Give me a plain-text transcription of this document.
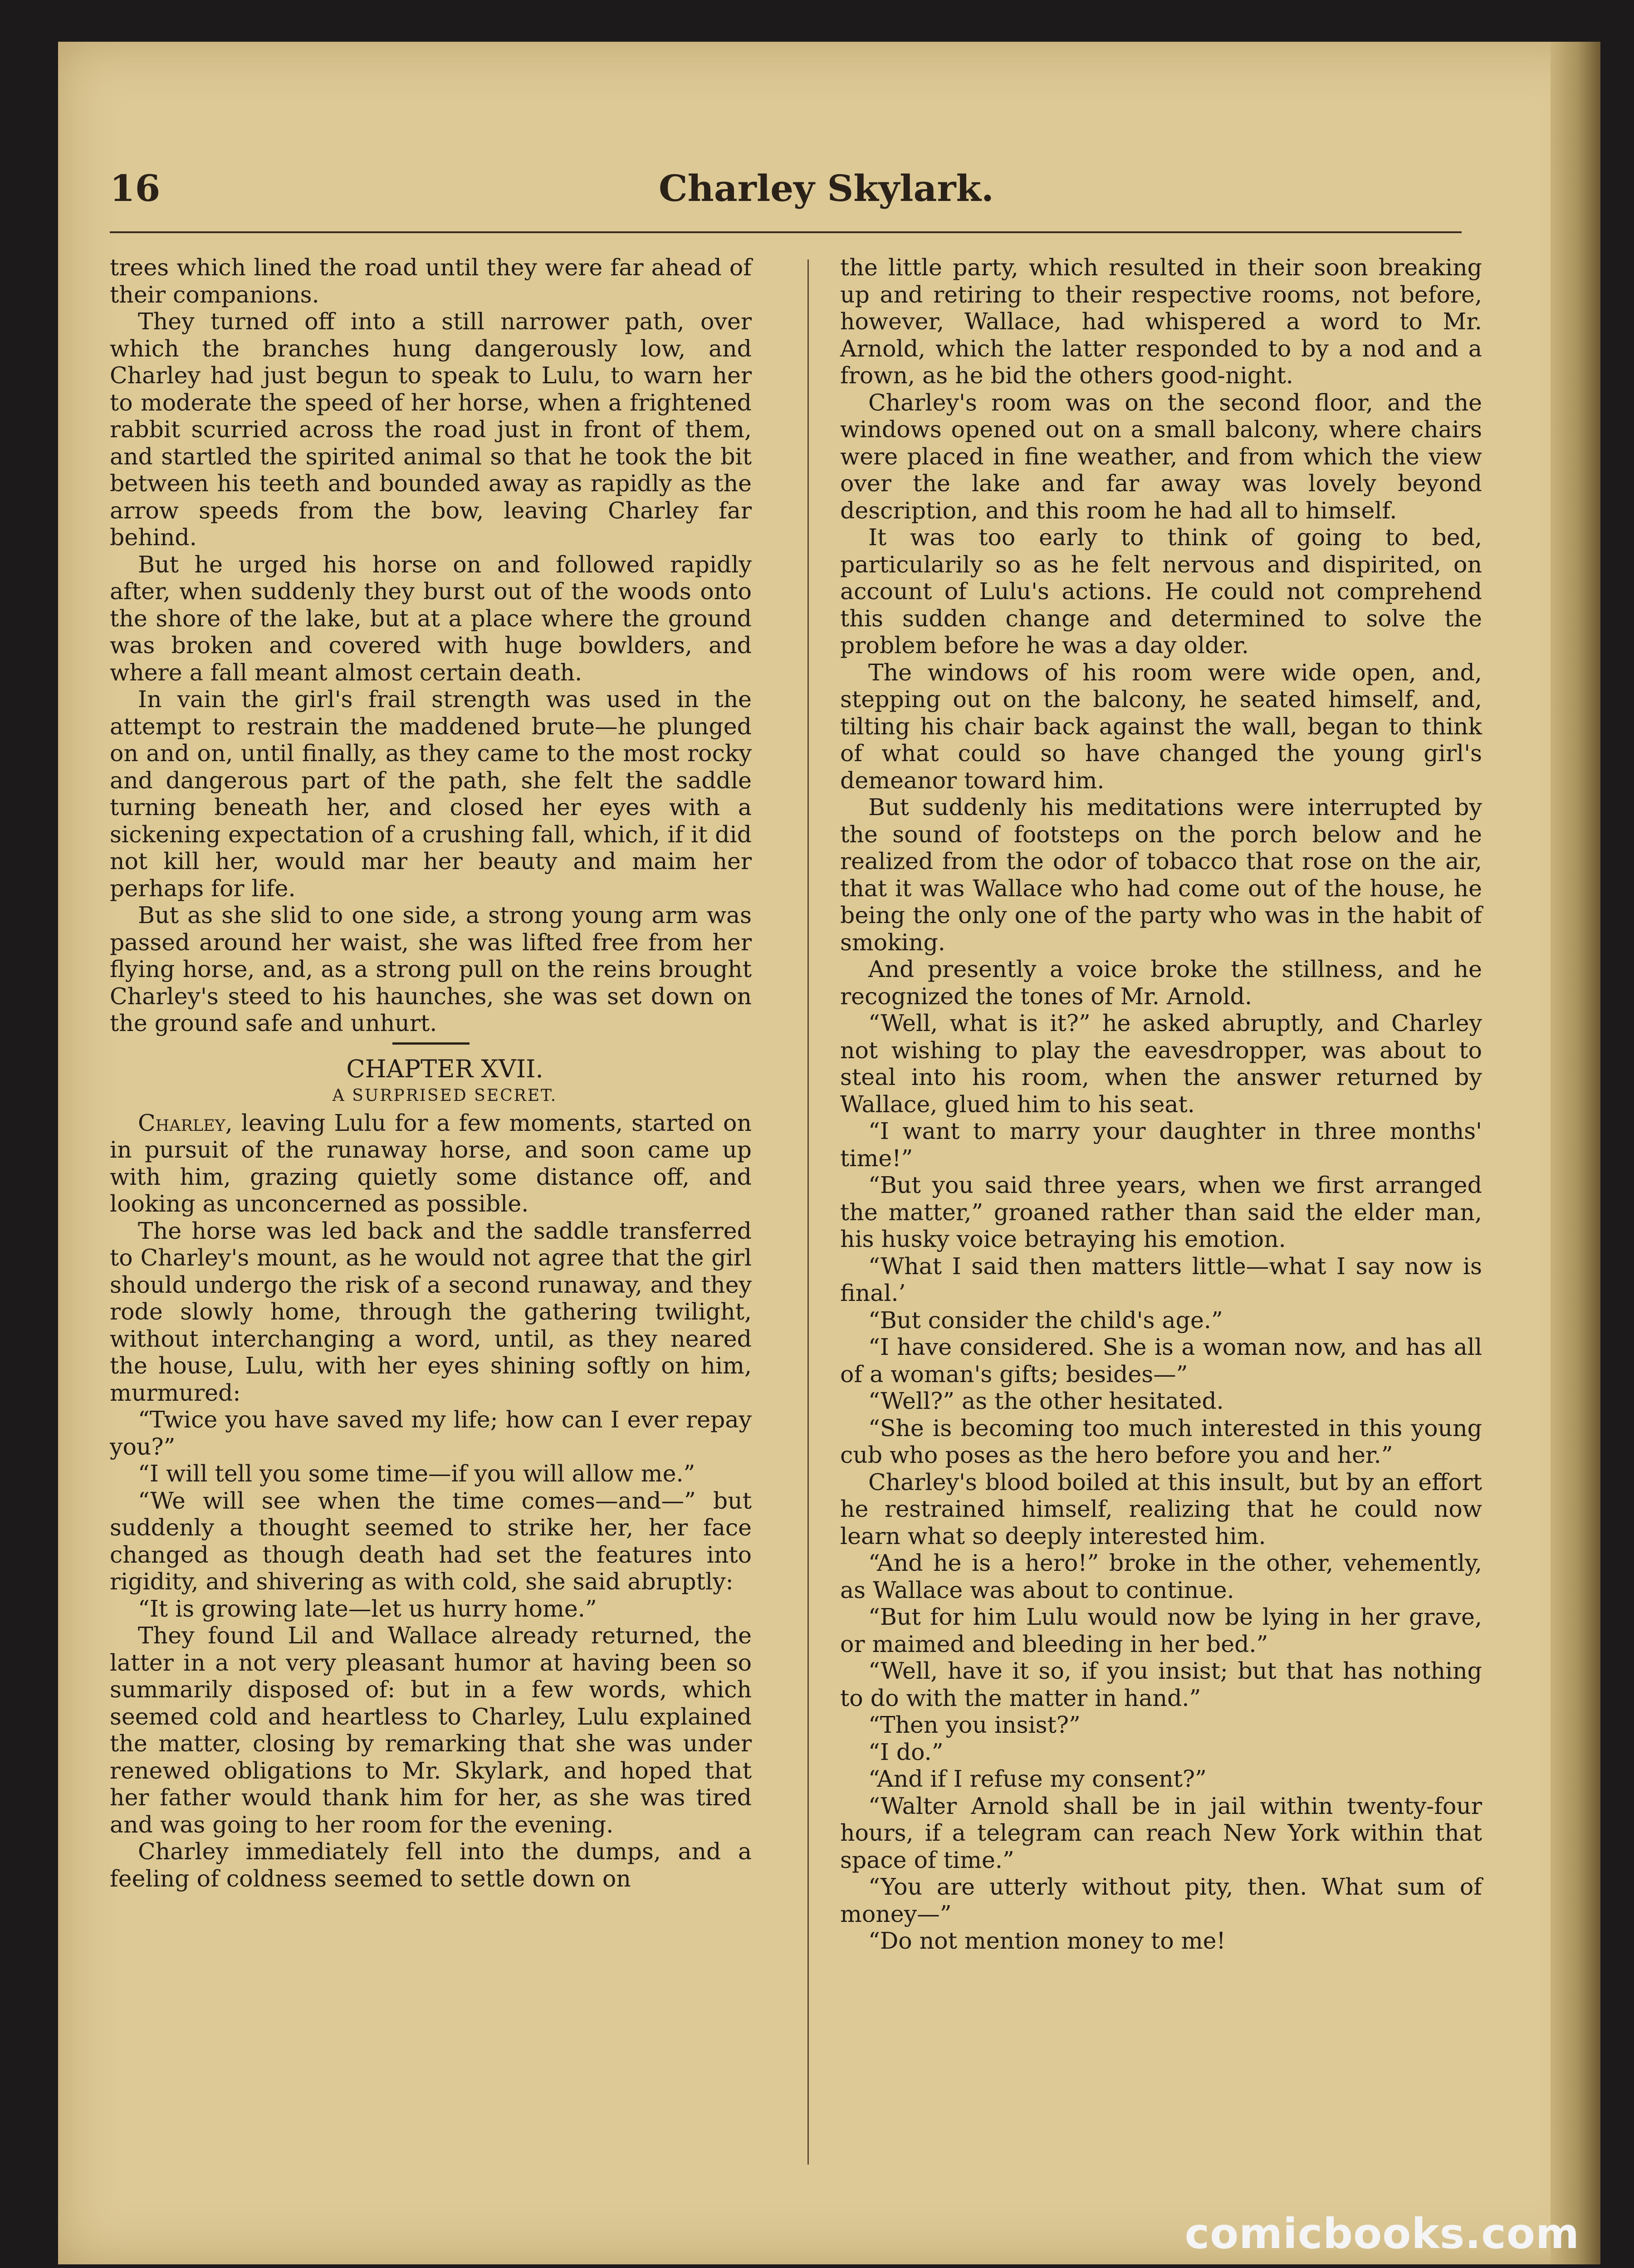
16	Charley Skylark.

trees which lined the road until they were far ahead of their companions.

They turned off into a still narrower path, over which the branches hung dangerously low, and Charley had just begun to speak to Lulu, to warn her to moderate the speed of her horse, when a frightened rabbit scurried across the road just in front of them, and startled the spirited animal so that he took the bit between his teeth and bounded away as rapidly as the arrow speeds from the bow, leaving Charley far behind.

But he urged his horse on and followed rapidly after, when suddenly they burst out of the woods onto the shore of the lake, but at a place where the ground was broken and covered with huge bowlders, and where a fall meant almost certain death.

In vain the girl's frail strength was used in the attempt to restrain the maddened brute—he plunged on and on, until finally, as they came to the most rocky and dangerous part of the path, she felt the saddle turning beneath her, and closed her eyes with a sickening expectation of a crushing fall, which, if it did not kill her, would mar her beauty and maim her perhaps for life.

But as she slid to one side, a strong young arm was passed around her waist, she was lifted free from her flying horse, and, as a strong pull on the reins brought Charley's steed to his haunches, she was set down on the ground safe and unhurt.

CHAPTER XVII.

A SURPRISED SECRET.

Charley, leaving Lulu for a few moments, started on in pursuit of the runaway horse, and soon came up with him, grazing quietly some distance off, and looking as unconcerned as possible.

The horse was led back and the saddle transferred to Charley's mount, as he would not agree that the girl should undergo the risk of a second runaway, and they rode slowly home, through the gathering twilight, without interchanging a word, until, as they neared the house, Lulu, with her eyes shining softly on him, murmured:

“Twice you have saved my life; how can I ever repay you?”

“I will tell you some time—if you will allow me.”

“We will see when the time comes—and—” but suddenly a thought seemed to strike her, her face changed as though death had set the features into rigidity, and shivering as with cold, she said abruptly:

“It is growing late—let us hurry home.”

They found Lil and Wallace already returned, the latter in a not very pleasant humor at having been so summarily disposed of: but in a few words, which seemed cold and heartless to Charley, Lulu explained the matter, closing by remarking that she was under renewed obligations to Mr. Skylark, and hoped that her father would thank him for her, as she was tired and was going to her room for the evening.

Charley immediately fell into the dumps, and a feeling of coldness seemed to settle down on

the little party, which resulted in their soon breaking up and retiring to their respective rooms, not before, however, Wallace, had whispered a word to Mr. Arnold, which the latter responded to by a nod and a frown, as he bid the others good-night.

Charley's room was on the second floor, and the windows opened out on a small balcony, where chairs were placed in fine weather, and from which the view over the lake and far away was lovely beyond description, and this room he had all to himself.

It was too early to think of going to bed, particularily so as he felt nervous and dispirited, on account of Lulu's actions. He could not comprehend this sudden change and determined to solve the problem before he was a day older.

The windows of his room were wide open, and, stepping out on the balcony, he seated himself, and, tilting his chair back against the wall, began to think of what could so have changed the young girl's demeanor toward him.

But suddenly his meditations were interrupted by the sound of footsteps on the porch below and he realized from the odor of tobacco that rose on the air, that it was Wallace who had come out of the house, he being the only one of the party who was in the habit of smoking.

And presently a voice broke the stillness, and he recognized the tones of Mr. Arnold.

“Well, what is it?” he asked abruptly, and Charley not wishing to play the eavesdropper, was about to steal into his room, when the answer returned by Wallace, glued him to his seat.

“I want to marry your daughter in three months' time!”

“But you said three years, when we first arranged the matter,” groaned rather than said the elder man, his husky voice betraying his emotion.

“What I said then matters little—what I say now is final.’

“But consider the child's age.”

“I have considered. She is a woman now, and has all of a woman's gifts; besides—”

“Well?” as the other hesitated.

“She is becoming too much interested in this young cub who poses as the hero before you and her.”

Charley's blood boiled at this insult, but by an effort he restrained himself, realizing that he could now learn what so deeply interested him.

“And he is a hero!” broke in the other, vehemently, as Wallace was about to continue.

“But for him Lulu would now be lying in her grave, or maimed and bleeding in her bed.”

“Well, have it so, if you insist; but that has nothing to do with the matter in hand.”

“Then you insist?”

“I do.”

“And if I refuse my consent?”

“Walter Arnold shall be in jail within twenty-four hours, if a telegram can reach New York within that space of time.”

“You are utterly without pity, then. What sum of money—”

“Do not mention money to me!

comicbooks.com
